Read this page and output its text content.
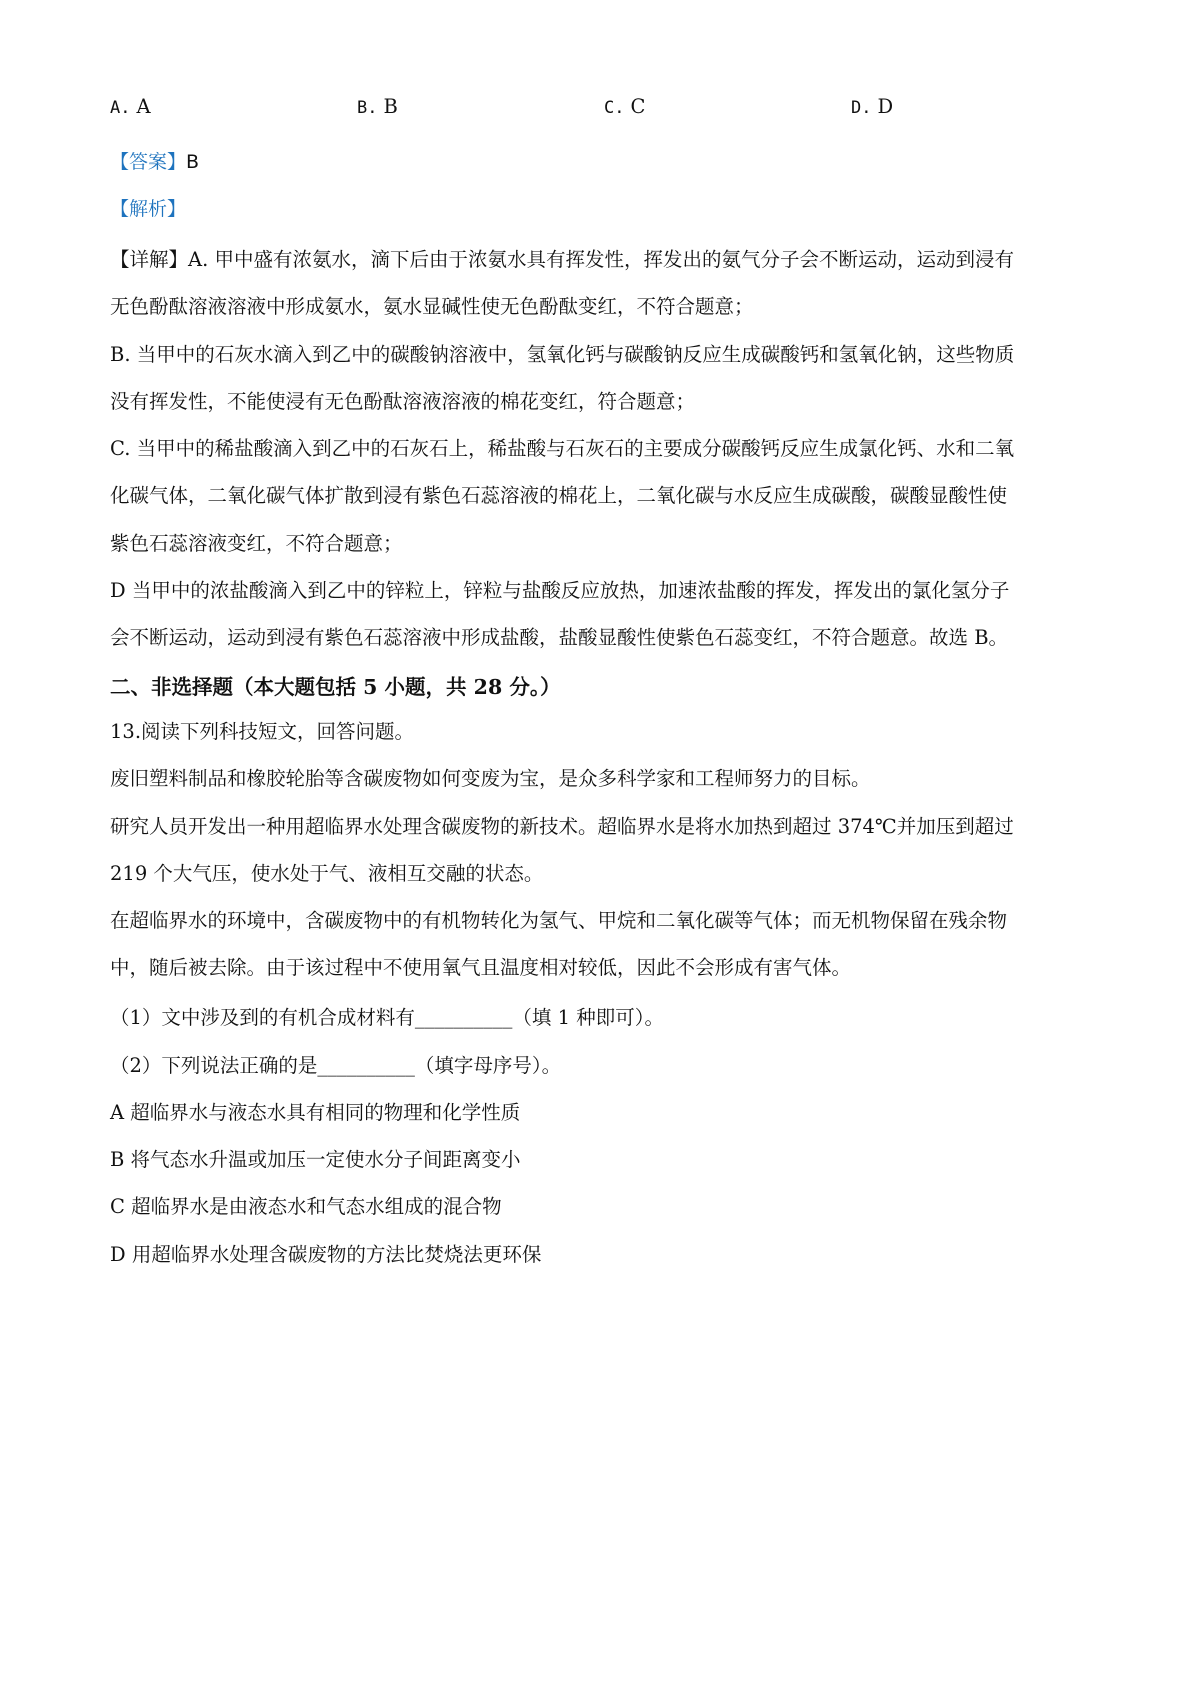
A. A	B. B	C. C	D. D
【答案】B
【解析】
【详解】A. 甲中盛有浓氨水，滴下后由于浓氨水具有挥发性，挥发出的氨气分子会不断运动，运动到浸有
无色酚酞溶液溶液中形成氨水，氨水显碱性使无色酚酞变红，不符合题意；
B. 当甲中的石灰水滴入到乙中的碳酸钠溶液中，氢氧化钙与碳酸钠反应生成碳酸钙和氢氧化钠，这些物质
没有挥发性，不能使浸有无色酚酞溶液溶液的棉花变红，符合题意；
C. 当甲中的稀盐酸滴入到乙中的石灰石上，稀盐酸与石灰石的主要成分碳酸钙反应生成氯化钙、水和二氧
化碳气体，二氧化碳气体扩散到浸有紫色石蕊溶液的棉花上，二氧化碳与水反应生成碳酸，碳酸显酸性使
紫色石蕊溶液变红，不符合题意；
D 当甲中的浓盐酸滴入到乙中的锌粒上，锌粒与盐酸反应放热，加速浓盐酸的挥发，挥发出的氯化氢分子
会不断运动，运动到浸有紫色石蕊溶液中形成盐酸，盐酸显酸性使紫色石蕊变红，不符合题意。故选 B。
二、非选择题（本大题包括 5 小题，共 28 分。）
13.阅读下列科技短文，回答问题。
废旧塑料制品和橡胶轮胎等含碳废物如何变废为宝，是众多科学家和工程师努力的目标。
研究人员开发出一种用超临界水处理含碳废物的新技术。超临界水是将水加热到超过 374℃并加压到超过
219 个大气压，使水处于气、液相互交融的状态。
在超临界水的环境中，含碳废物中的有机物转化为氢气、甲烷和二氧化碳等气体；而无机物保留在残余物
中，随后被去除。由于该过程中不使用氧气且温度相对较低，因此不会形成有害气体。
（1）文中涉及到的有机合成材料有__________（填 1 种即可）。
（2）下列说法正确的是__________（填字母序号）。
A 超临界水与液态水具有相同的物理和化学性质
B 将气态水升温或加压一定使水分子间距离变小
C 超临界水是由液态水和气态水组成的混合物
D 用超临界水处理含碳废物的方法比焚烧法更环保
